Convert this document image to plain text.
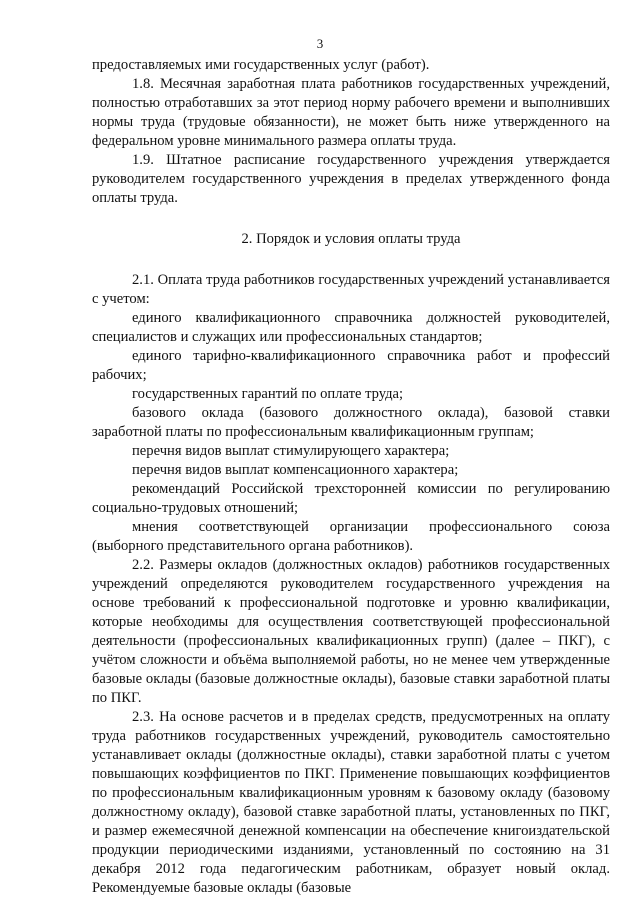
3

предоставляемых ими государственных услуг (работ).

1.8. Месячная заработная плата работников государственных учреждений, полностью отработавших за этот период норму рабочего времени и выполнивших нормы труда (трудовые обязанности), не может быть ниже утвержденного на федеральном уровне минимального размера оплаты труда.

1.9. Штатное расписание государственного учреждения утверждается руководителем государственного учреждения в пределах утвержденного фонда оплаты труда.

2. Порядок и условия оплаты труда

2.1. Оплата труда работников государственных учреждений устанавливается с учетом:

единого квалификационного справочника должностей руководителей, специалистов и служащих или профессиональных стандартов;

единого тарифно-квалификационного справочника работ и профессий рабочих;

государственных гарантий по оплате труда;

базового оклада (базового должностного оклада), базовой ставки заработной платы по профессиональным квалификационным группам;

перечня видов выплат стимулирующего характера;

перечня видов выплат компенсационного характера;

рекомендаций Российской трехсторонней комиссии по регулированию социально-трудовых отношений;

мнения соответствующей организации профессионального союза (выборного представительного органа работников).

2.2. Размеры окладов (должностных окладов) работников государственных учреждений определяются руководителем государственного учреждения на основе требований к профессиональной подготовке и уровню квалификации, которые необходимы для осуществления соответствующей профессиональной деятельности (профессиональных квалификационных групп) (далее – ПКГ), с учётом сложности и объёма выполняемой работы, но не менее чем утвержденные базовые оклады (базовые должностные оклады), базовые ставки заработной платы по ПКГ.

2.3. На основе расчетов и в пределах средств, предусмотренных на оплату труда работников государственных учреждений, руководитель самостоятельно устанавливает оклады (должностные оклады), ставки заработной платы с учетом повышающих коэффициентов по ПКГ. Применение повышающих коэффициентов по профессиональным квалификационным уровням к базовому окладу (базовому должностному окладу), базовой ставке заработной платы, установленных по ПКГ, и размер ежемесячной денежной компенсации на обеспечение книгоиздательской продукции периодическими изданиями, установленный по состоянию на 31 декабря 2012 года педагогическим работникам, образует новый оклад. Рекомендуемые базовые оклады (базовые
